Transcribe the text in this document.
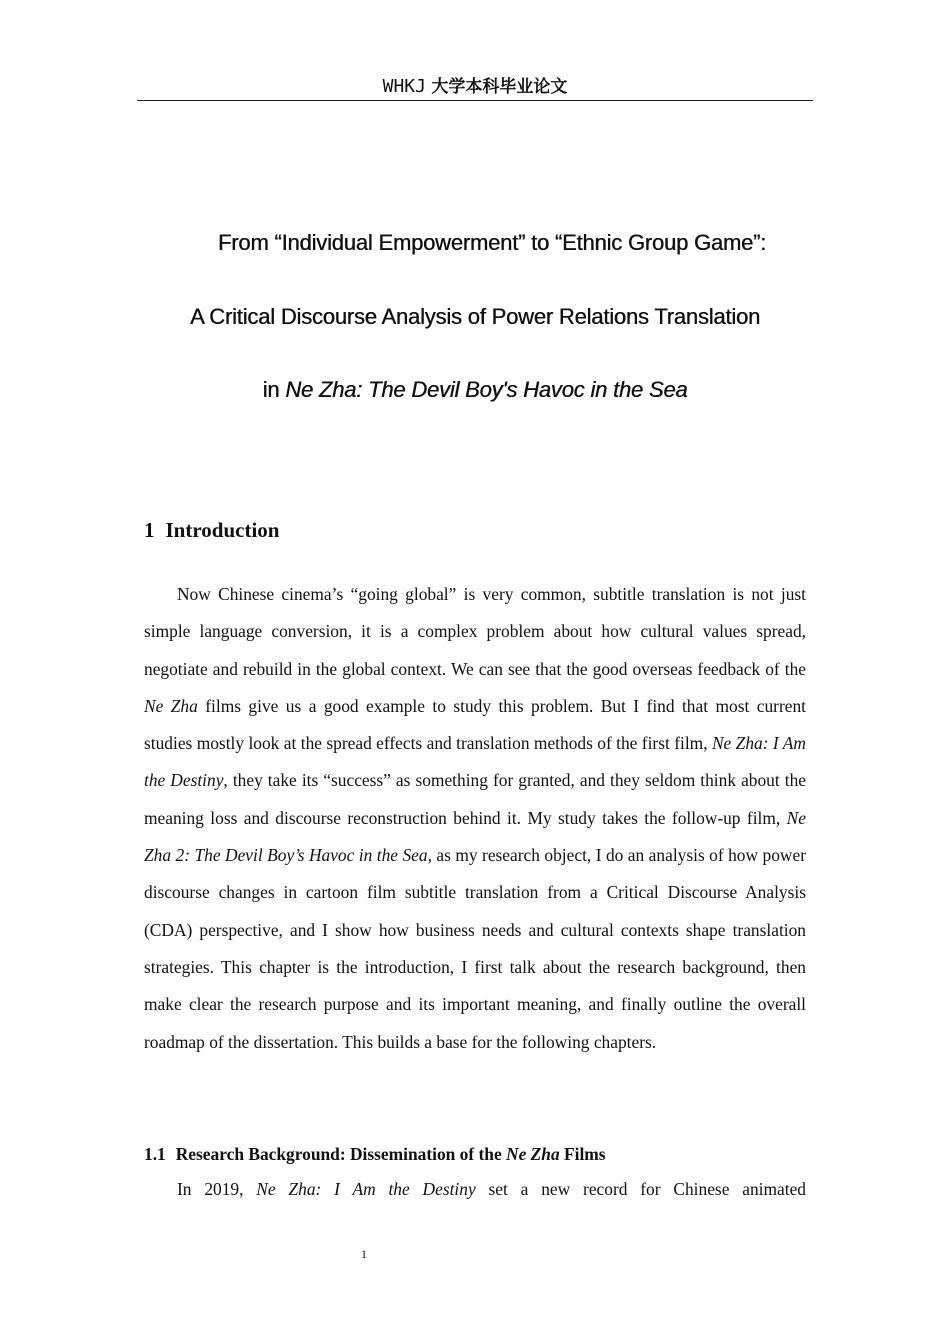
WHKJ 大学本科毕业论文
From “Individual Empowerment” to “Ethnic Group Game”:
A Critical Discourse Analysis of Power Relations Translation
in Ne Zha: The Devil Boy's Havoc in the Sea
1 Introduction
Now Chinese cinema’s “going global” is very common, subtitle translation is not just simple language conversion, it is a complex problem about how cultural values spread, negotiate and rebuild in the global context. We can see that the good overseas feedback of the Ne Zha films give us a good example to study this problem. But I find that most current studies mostly look at the spread effects and translation methods of the first film, Ne Zha: I Am the Destiny, they take its “success” as something for granted, and they seldom think about the meaning loss and discourse reconstruction behind it. My study takes the follow-up film, Ne Zha 2: The Devil Boy’s Havoc in the Sea, as my research object, I do an analysis of how power discourse changes in cartoon film subtitle translation from a Critical Discourse Analysis (CDA) perspective, and I show how business needs and cultural contexts shape translation strategies. This chapter is the introduction, I first talk about the research background, then make clear the research purpose and its important meaning, and finally outline the overall roadmap of the dissertation. This builds a base for the following chapters.
1.1 Research Background: Dissemination of the Ne Zha Films
In 2019, Ne Zha: I Am the Destiny set a new record for Chinese animated
1
